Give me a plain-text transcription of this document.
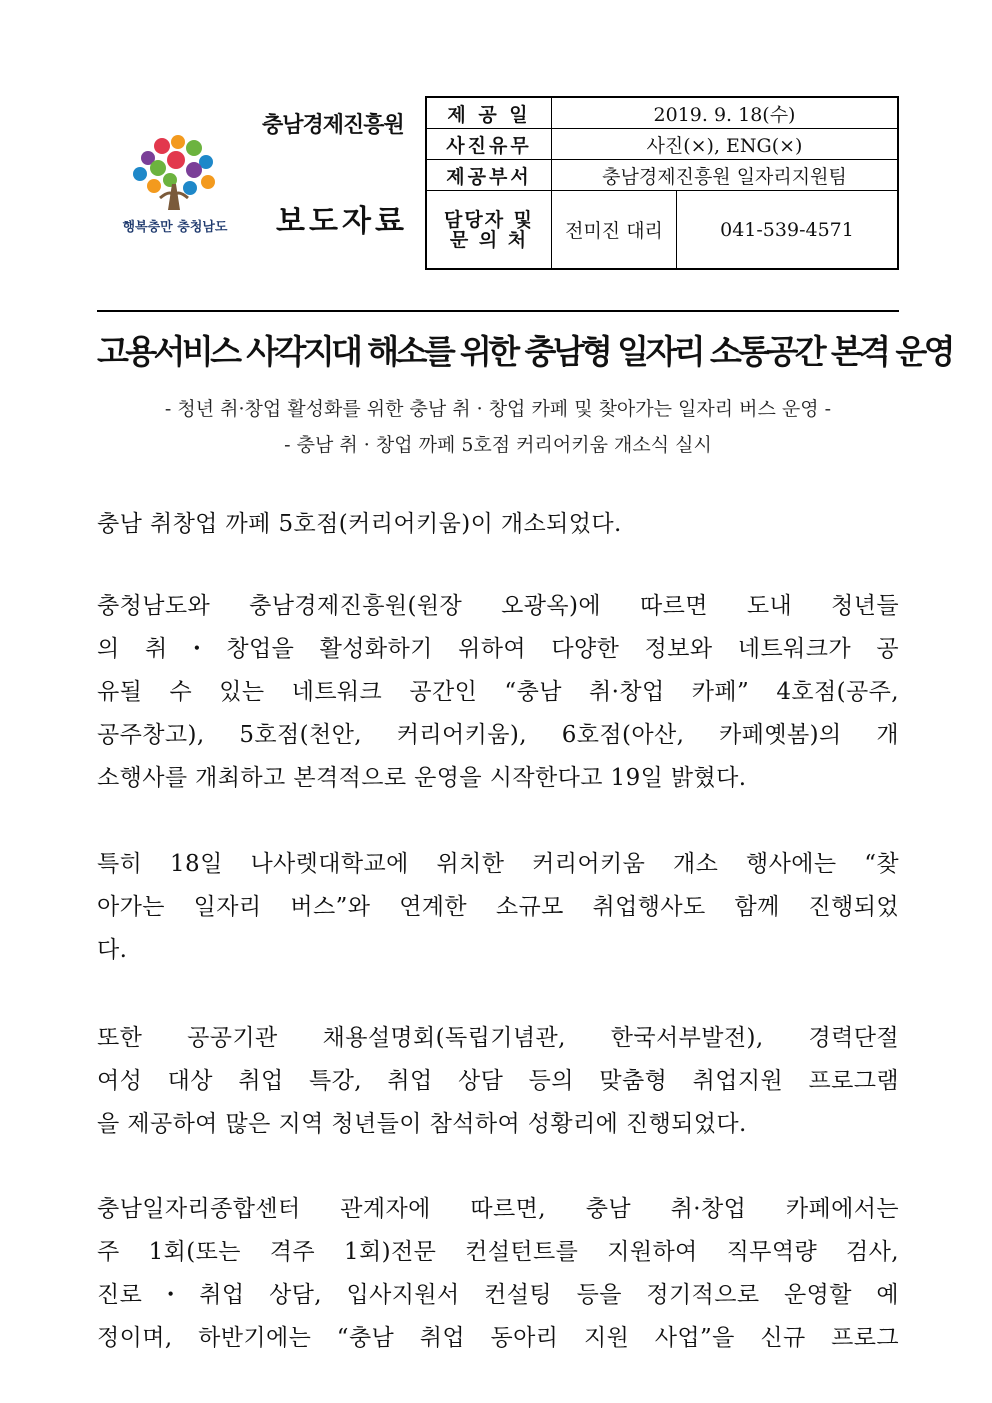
행복충만 충청남도
충남경제진흥원
보도자료
제 공 일	2019. 9. 18(수)	
사진유무	사진(×), ENG(×)	
제공부서	충남경제진흥원 일자리지원팀	

담당자 및
문 의 처	전미진 대리	041-539-4571
고용서비스 사각지대 해소를 위한 충남형 일자리 소통공간 본격 운영
- 청년 취·창업 활성화를 위한 충남 취 · 창업 카페 및 찾아가는 일자리 버스 운영 -
- 충남 취 · 창업 까페 5호점 커리어키움 개소식 실시
충남 취창업 까페 5호점(커리어키움)이 개소되었다.
충청남도와 충남경제진흥원(원장 오광옥)에 따르면 도내 청년들
의 취・창업을 활성화하기 위하여 다양한 정보와 네트워크가 공
유될 수 있는 네트워크 공간인 “충남 취·창업 카페” 4호점(공주,
공주창고), 5호점(천안, 커리어키움), 6호점(아산, 카페옛봄)의 개
소행사를 개최하고 본격적으로 운영을 시작한다고 19일 밝혔다.
특히 18일 나사렛대학교에 위치한 커리어키움 개소 행사에는 “찾
아가는 일자리 버스”와 연계한 소규모 취업행사도 함께 진행되었
다.
또한 공공기관 채용설명회(독립기념관, 한국서부발전), 경력단절
여성 대상 취업 특강, 취업 상담 등의 맞춤형 취업지원 프로그램
을 제공하여 많은 지역 청년들이 참석하여 성황리에 진행되었다.
충남일자리종합센터 관계자에 따르면, 충남 취·창업 카페에서는
주 1회(또는 격주 1회)전문 컨설턴트를 지원하여 직무역량 검사,
진로・취업 상담, 입사지원서 컨설팅 등을 정기적으로 운영할 예
정이며, 하반기에는 “충남 취업 동아리 지원 사업”을 신규 프로그
